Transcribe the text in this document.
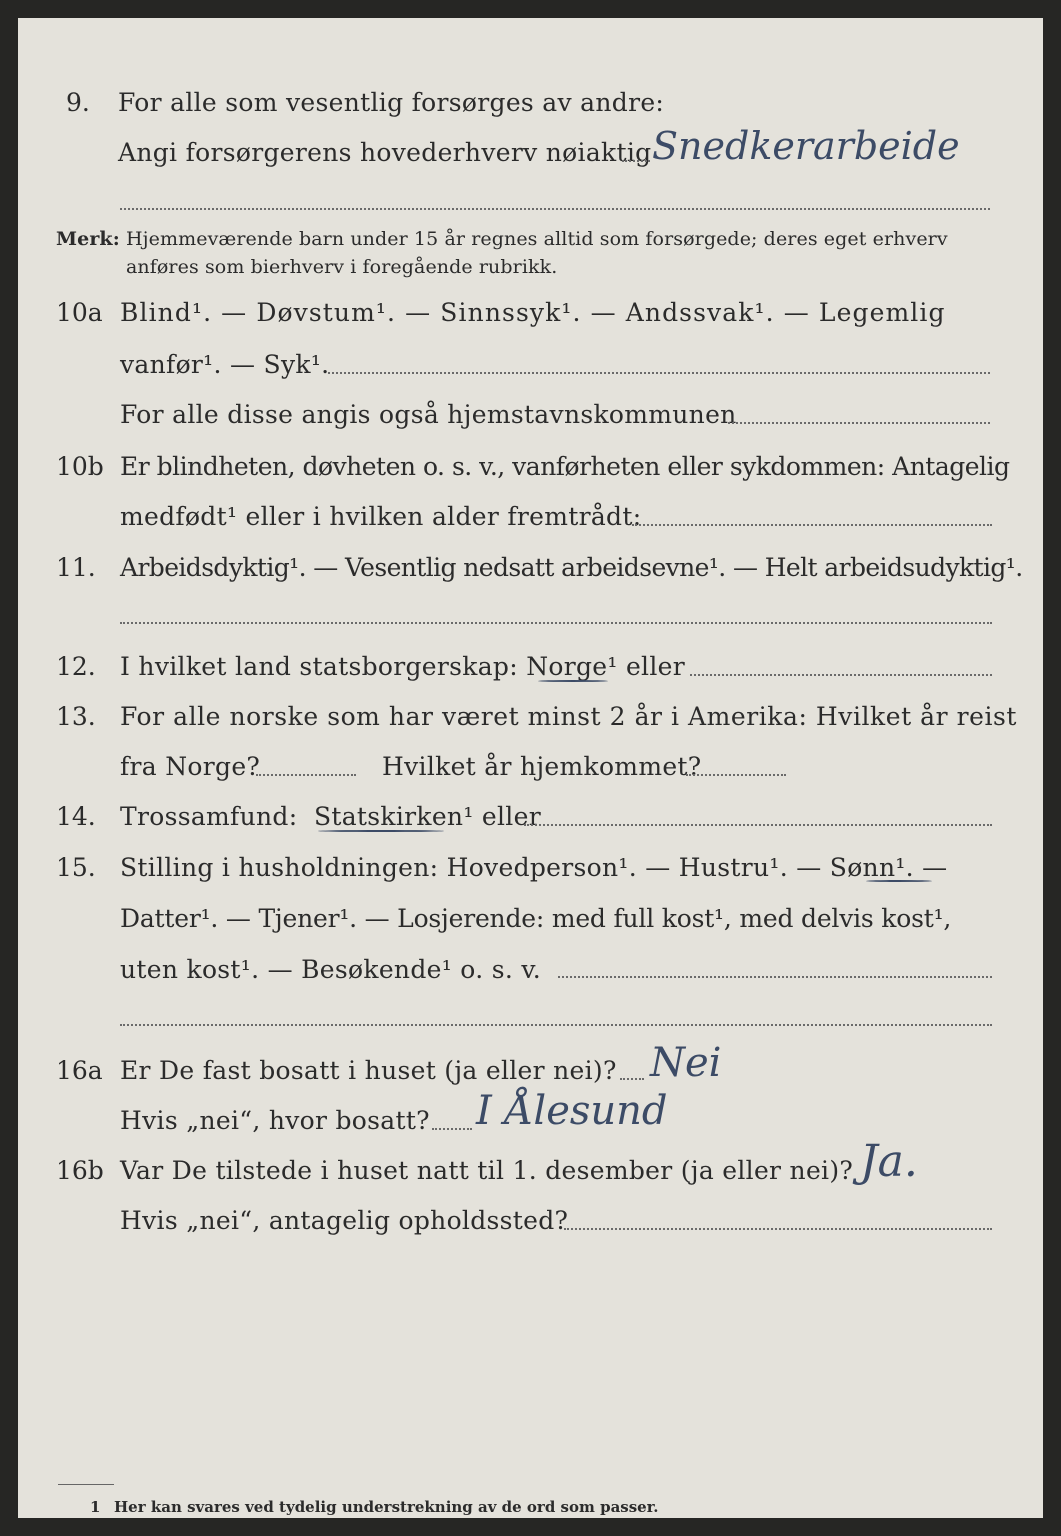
9. For alle som vesentlig forsørges av andre:
Angi forsørgerens hovederhverv nøiaktig Snedkerarbeide
Merk: Hjemmeværende barn under 15 år regnes alltid som forsørgede; deres eget erhverv
anføres som bierhverv i foregående rubrikk.
10a Blind¹. — Døvstum¹. — Sinnssyk¹. — Andssvak¹. — Legemlig
vanfør¹. — Syk¹.
For alle disse angis også hjemstavnskommunen
10b Er blindheten, døvheten o. s. v., vanførheten eller sykdommen: Antagelig
medfødt¹ eller i hvilken alder fremtrådt:
11. Arbeidsdyktig¹. — Vesentlig nedsatt arbeidsevne¹. — Helt arbeidsudyktig¹.
12. I hvilket land statsborgerskap: Norge¹ eller
13. For alle norske som har været minst 2 år i Amerika: Hvilket år reist
fra Norge?	Hvilket år hjemkommet?
14. Trossamfund: Statskirken¹ eller
15. Stilling i husholdningen: Hovedperson¹. — Hustru¹. — Sønn¹. —
Datter¹. — Tjener¹. — Losjerende: med full kost¹, med delvis kost¹,
uten kost¹. — Besøkende¹ o. s. v.
16a Er De fast bosatt i huset (ja eller nei)? Nei
Hvis „nei“, hvor bosatt? I Ålesund
16b Var De tilstede i huset natt til 1. desember (ja eller nei)? Ja.
Hvis „nei“, antagelig opholdssted?
1 Her kan svares ved tydelig understrekning av de ord som passer.
